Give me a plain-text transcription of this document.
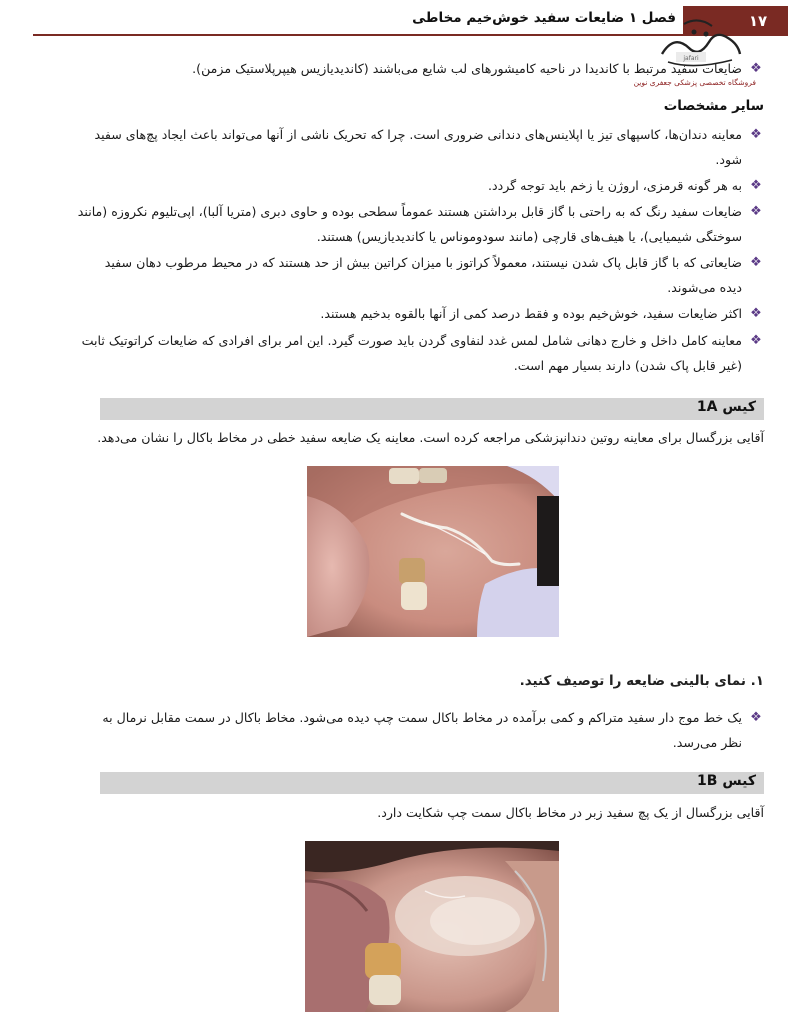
۱۷
فصل ۱ ضایعات سفید خوش‌خیم مخاطی
jafari
فروشگاه تخصصی پزشکی جعفری نوین
❖
ضایعات سفید مرتبط با کاندیدا در ناحیه کامیشورهای لب شایع می‌باشند (کاندیدیازیس هیپرپلاستیک مزمن).
سایر مشخصات
❖
معاینه دندان‌ها، کاسپهای تیز یا اپلاینس‌های دندانی ضروری است. چرا که تحریک ناشی از آنها می‌تواند باعث ایجاد پچ‌های سفید
شود.
❖
به هر گونه قرمزی، اروژن یا زخم باید توجه گردد.
❖
ضایعات سفید رنگ که به راحتی با گاز قابل برداشتن هستند عموماً سطحی بوده و حاوی دبری (متریا آلبا)، اپی‌تلیوم نکروزه (مانند
سوختگی شیمیایی)، یا هیف‌های قارچی (مانند سودوموناس یا کاندیدیازیس) هستند.
❖
ضایعاتی که با گاز قابل پاک شدن نیستند، معمولاً کراتوز با میزان کراتین بیش از حد هستند که در محیط مرطوب دهان سفید
دیده می‌شوند.
❖
اکثر ضایعات سفید، خوش‌خیم بوده و فقط درصد کمی از آنها بالقوه بدخیم هستند.
❖
معاینه کامل داخل و خارج دهانی شامل لمس غدد لنفاوی گردن باید صورت گیرد. این امر برای افرادی که ضایعات کراتوتیک ثابت
(غیر قابل پاک شدن) دارند بسیار مهم است.
کیس 1A
آقایی بزرگسال برای معاینه روتین دندانپزشکی مراجعه کرده است. معاینه یک ضایعه سفید خطی در مخاط باکال را نشان می‌دهد.
۱. نمای بالینی ضایعه را توصیف کنید.
❖
یک خط موج دار سفید متراکم و کمی برآمده در مخاط باکال سمت چپ دیده می‌شود. مخاط باکال در سمت مقابل نرمال به
نظر می‌رسد.
کیس 1B
آقایی بزرگسال از یک پچ سفید زبر در مخاط باکال سمت چپ شکایت دارد.
